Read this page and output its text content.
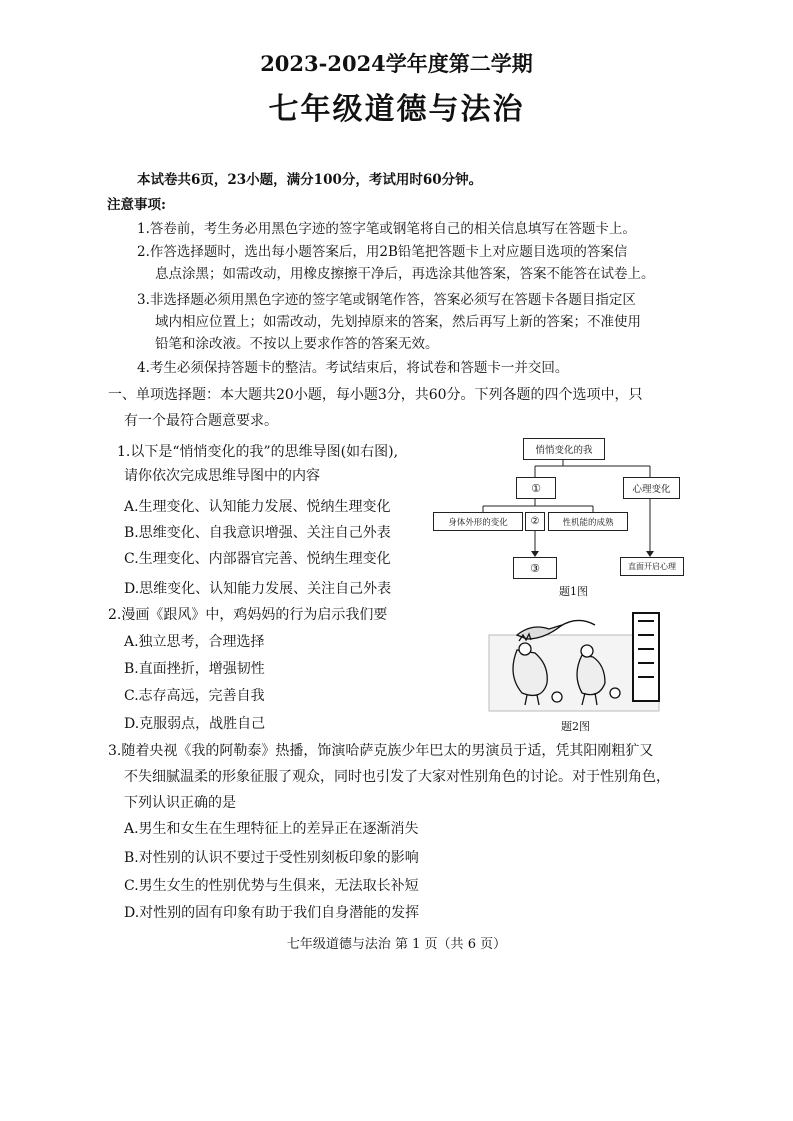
2023-2024学年度第二学期
七年级道德与法治
本试卷共6页，23小题，满分100分，考试用时60分钟。
注意事项:
1.答卷前，考生务必用黑色字迹的签字笔或钢笔将自己的相关信息填写在答题卡上。
2.作答选择题时，选出每小题答案后，用2B铅笔把答题卡上对应题目选项的答案信
息点涂黑；如需改动，用橡皮擦擦干净后，再选涂其他答案，答案不能答在试卷上。
3.非选择题必须用黑色字迹的签字笔或钢笔作答，答案必须写在答题卡各题目指定区
域内相应位置上；如需改动，先划掉原来的答案，然后再写上新的答案；不准使用
铅笔和涂改液。不按以上要求作答的答案无效。
4.考生必须保持答题卡的整洁。考试结束后，将试卷和答题卡一并交回。
一、单项选择题：本大题共20小题，每小题3分，共60分。下列各题的四个选项中，只
有一个最符合题意要求。
1.以下是“悄悄变化的我”的思维导图(如右图),
请你依次完成思维导图中的内容
A.生理变化、认知能力发展、悦纳生理变化
B.思维变化、自我意识增强、关注自己外表
C.生理变化、内部器官完善、悦纳生理变化
D.思维变化、认知能力发展、关注自己外表
悄悄变化的我
①	心理变化
身体外形的变化	②	性机能的成熟
③	直面开启心理
题1图
2.漫画《跟风》中，鸡妈妈的行为启示我们要
A.独立思考，合理选择
B.直面挫折，增强韧性
C.志存高远，完善自我
D.克服弱点，战胜自己	题2图
3.随着央视《我的阿勒泰》热播，饰演哈萨克族少年巴太的男演员于适，凭其阳刚粗犷又
不失细腻温柔的形象征服了观众，同时也引发了大家对性别角色的讨论。对于性别角色，
下列认识正确的是
A.男生和女生在生理特征上的差异正在逐渐消失
B.对性别的认识不要过于受性别刻板印象的影响
C.男生女生的性别优势与生俱来，无法取长补短
D.对性别的固有印象有助于我们自身潜能的发挥
七年级道德与法治 第 1 页（共 6 页）
